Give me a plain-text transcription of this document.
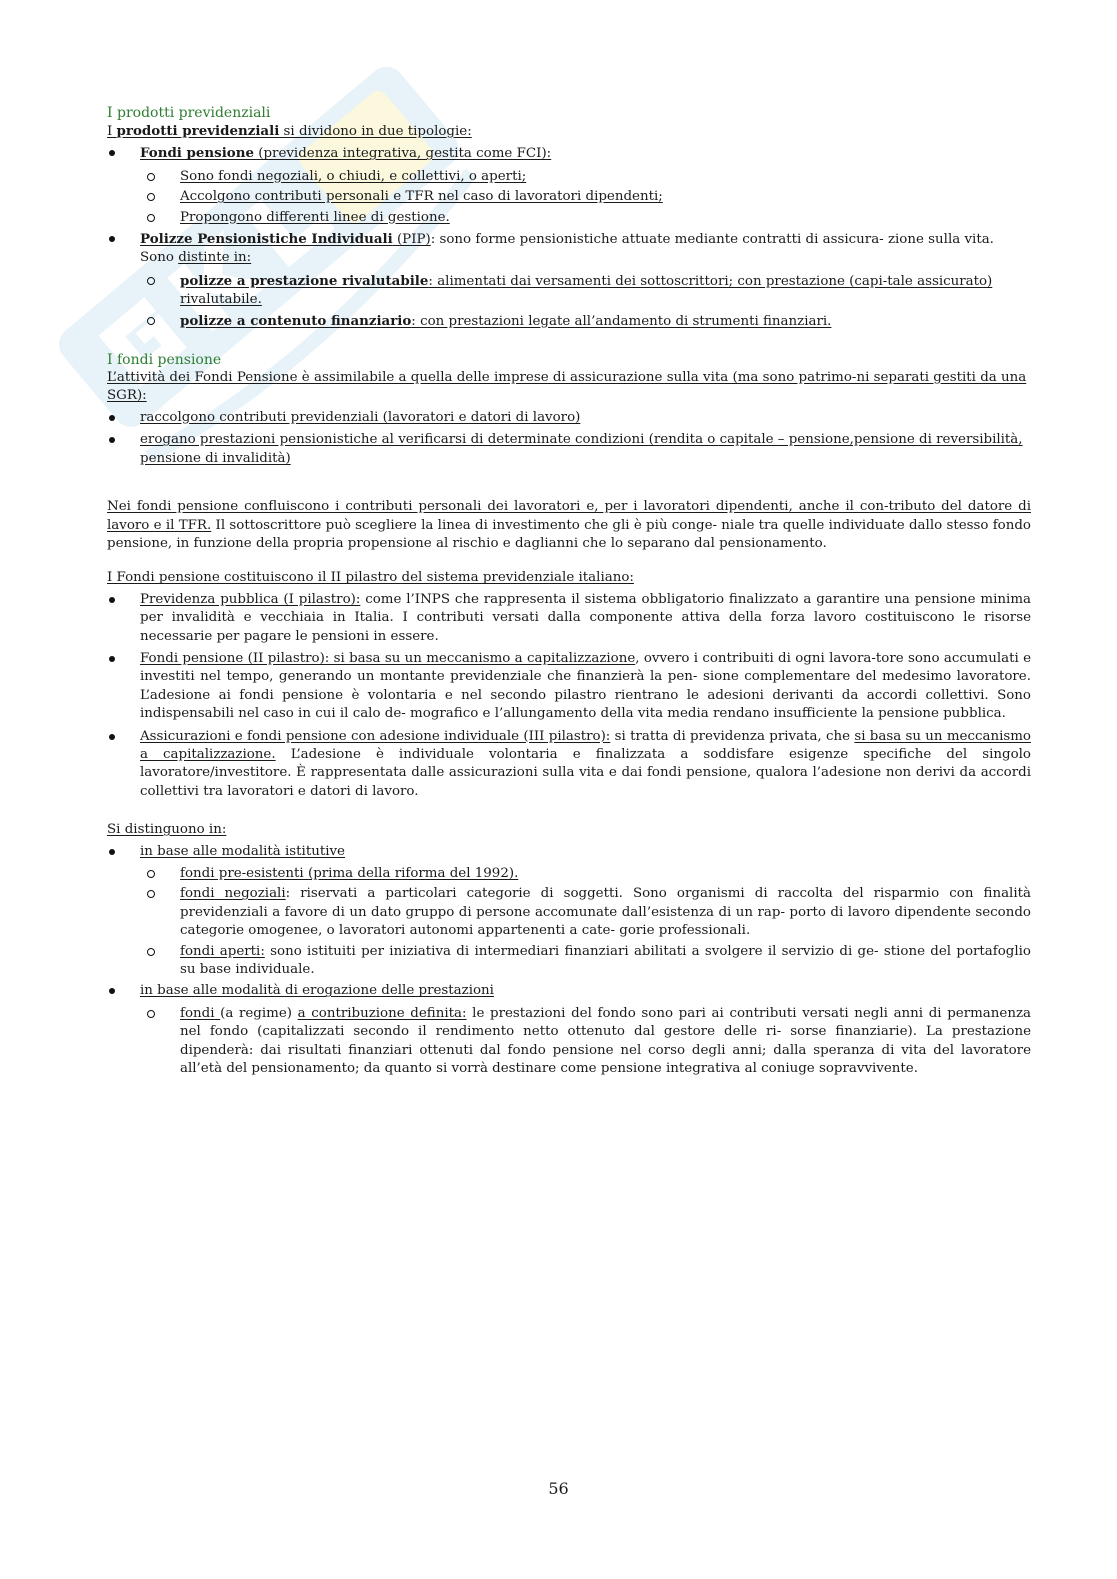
I prodotti previdenziali
I prodotti previdenziali si dividono in due tipologie:
Fondi pensione (previdenza integrativa, gestita come FCI):
Sono fondi negoziali, o chiudi, e collettivi, o aperti;
Accolgono contributi personali e TFR nel caso di lavoratori dipendenti;
Propongono differenti linee di gestione.
Polizze Pensionistiche Individuali (PIP): sono forme pensionistiche attuate mediante contratti di assicura- zione sulla vita. Sono distinte in:
polizze a prestazione rivalutabile: alimentati dai versamenti dei sottoscrittori; con prestazione (capi-tale assicurato) rivalutabile.
polizze a contenuto finanziario: con prestazioni legate all’andamento di strumenti finanziari.
I fondi pensione
L’attività dei Fondi Pensione è assimilabile a quella delle imprese di assicurazione sulla vita (ma sono patrimo-ni separati gestiti da una SGR):
raccolgono contributi previdenziali (lavoratori e datori di lavoro)
erogano prestazioni pensionistiche al verificarsi di determinate condizioni (rendita o capitale – pensione,pensione di reversibilità, pensione di invalidità)
Nei fondi pensione confluiscono i contributi personali dei lavoratori e, per i lavoratori dipendenti, anche il con-tributo del datore di lavoro e il TFR. Il sottoscrittore può scegliere la linea di investimento che gli è più conge- niale tra quelle individuate dallo stesso fondo pensione, in funzione della propria propensione al rischio e daglianni che lo separano dal pensionamento.
I Fondi pensione costituiscono il II pilastro del sistema previdenziale italiano:
Previdenza pubblica (I pilastro): come l’INPS che rappresenta il sistema obbligatorio finalizzato a garantire una pensione minima per invalidità e vecchiaia in Italia. I contributi versati dalla componente attiva della forza lavoro costituiscono le risorse necessarie per pagare le pensioni in essere.
Fondi pensione (II pilastro): si basa su un meccanismo a capitalizzazione, ovvero i contribuiti di ogni lavora-tore sono accumulati e investiti nel tempo, generando un montante previdenziale che finanzierà la pen- sione complementare del medesimo lavoratore. L’adesione ai fondi pensione è volontaria e nel secondo pilastro rientrano le adesioni derivanti da accordi collettivi. Sono indispensabili nel caso in cui il calo de- mografico e l’allungamento della vita media rendano insufficiente la pensione pubblica.
Assicurazioni e fondi pensione con adesione individuale (III pilastro): si tratta di previdenza privata, che si basa su un meccanismo a capitalizzazione. L’adesione è individuale volontaria e finalizzata a soddisfare esigenze specifiche del singolo lavoratore/investitore. È rappresentata dalle assicurazioni sulla vita e dai fondi pensione, qualora l’adesione non derivi da accordi collettivi tra lavoratori e datori di lavoro.
Si distinguono in:
in base alle modalità istitutive
fondi pre-esistenti (prima della riforma del 1992).
fondi negoziali: riservati a particolari categorie di soggetti. Sono organismi di raccolta del risparmio con finalità previdenziali a favore di un dato gruppo di persone accomunate dall’esistenza di un rap- porto di lavoro dipendente secondo categorie omogenee, o lavoratori autonomi appartenenti a cate- gorie professionali.
fondi aperti: sono istituiti per iniziativa di intermediari finanziari abilitati a svolgere il servizio di ge- stione del portafoglio su base individuale.
in base alle modalità di erogazione delle prestazioni
fondi (a regime) a contribuzione definita: le prestazioni del fondo sono pari ai contributi versati negli anni di permanenza nel fondo (capitalizzati secondo il rendimento netto ottenuto dal gestore delle ri- sorse finanziarie). La prestazione dipenderà: dai risultati finanziari ottenuti dal fondo pensione nel corso degli anni; dalla speranza di vita del lavoratore all’età del pensionamento; da quanto si vorrà destinare come pensione integrativa al coniuge sopravvivente.
56
